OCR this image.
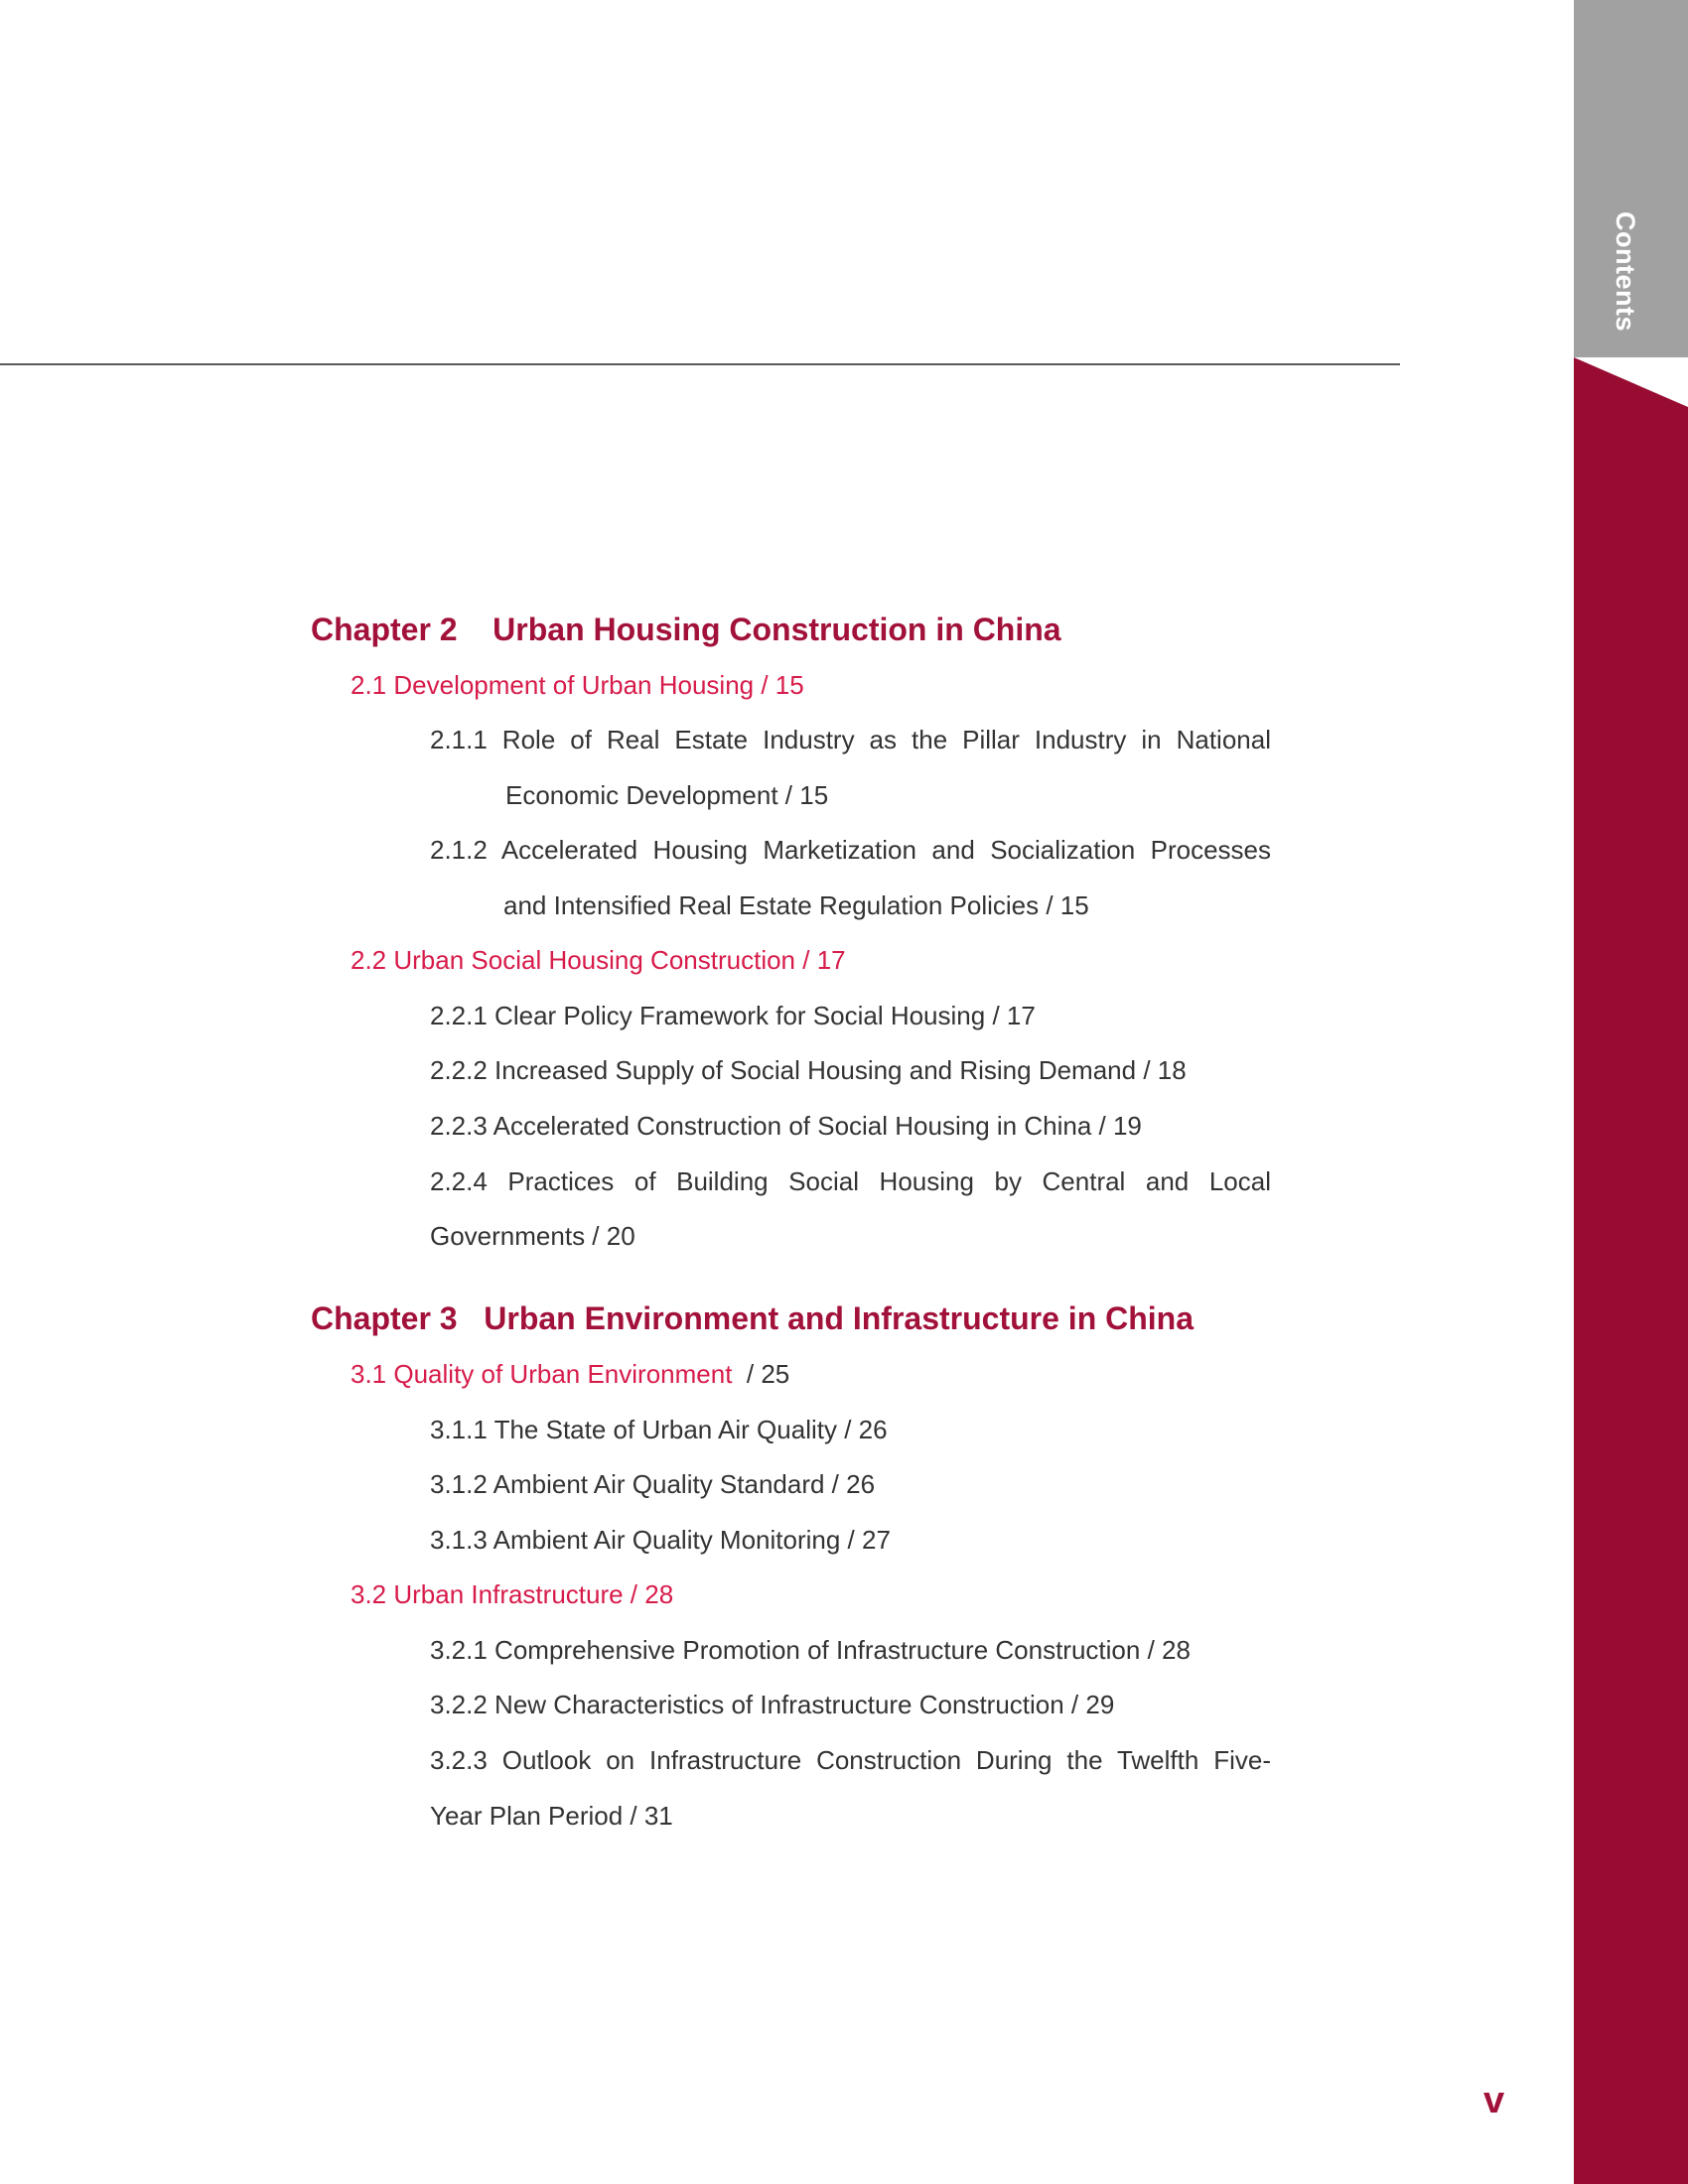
Contents
Chapter 2 Urban Housing Construction in China
2.1 Development of Urban Housing / 15
2.1.1 Role of Real Estate Industry as the Pillar Industry in National
Economic Development / 15
2.1.2 Accelerated Housing Marketization and Socialization Processes
and Intensified Real Estate Regulation Policies / 15
2.2 Urban Social Housing Construction / 17
2.2.1 Clear Policy Framework for Social Housing / 17
2.2.2 Increased Supply of Social Housing and Rising Demand / 18
2.2.3 Accelerated Construction of Social Housing in China / 19
2.2.4 Practices of Building Social Housing by Central and Local
Governments / 20
Chapter 3 Urban Environment and Infrastructure in China
3.1 Quality of Urban Environment  / 25
3.1.1 The State of Urban Air Quality / 26
3.1.2 Ambient Air Quality Standard / 26
3.1.3 Ambient Air Quality Monitoring / 27
3.2 Urban Infrastructure / 28
3.2.1 Comprehensive Promotion of Infrastructure Construction / 28
3.2.2 New Characteristics of Infrastructure Construction / 29
3.2.3 Outlook on Infrastructure Construction During the Twelfth Five-
Year Plan Period / 31
v
